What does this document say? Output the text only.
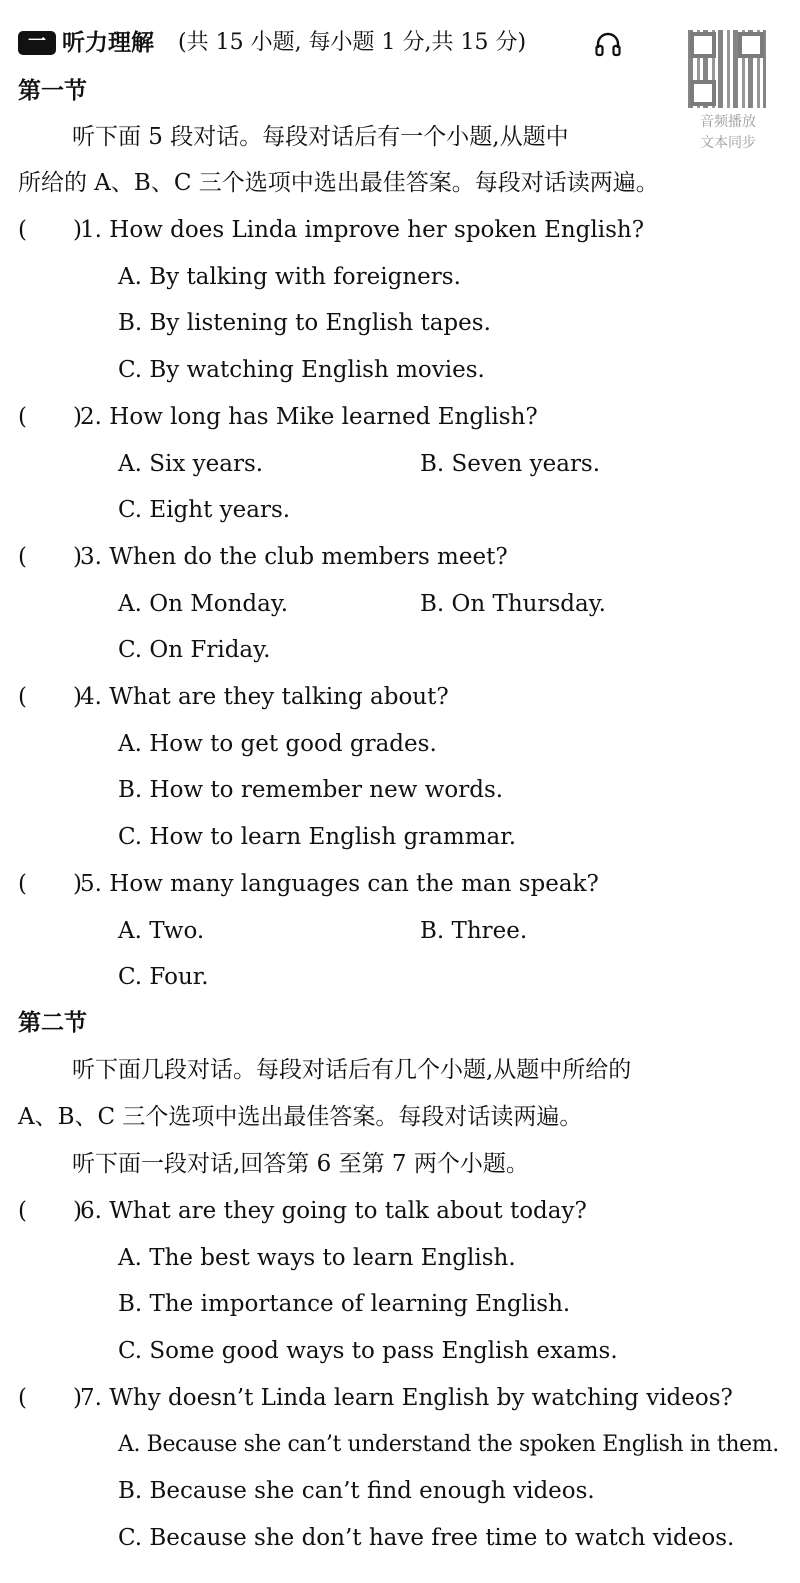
一 听力理解 (共 15 小题, 每小题 1 分,共 15 分)
音频播放
文本同步
第一节
听下面 5 段对话。每段对话后有一个小题,从题中
所给的 A、B、C 三个选项中选出最佳答案。每段对话读两遍。
(　　)
1. How does Linda improve her spoken English?
A. By talking with foreigners.
B. By listening to English tapes.
C. By watching English movies.
(　　)
2. How long has Mike learned English?
A. Six years.	B. Seven years.
C. Eight years.
(　　)
3. When do the club members meet?
A. On Monday.	B. On Thursday.
C. On Friday.
(　　)
4. What are they talking about?
A. How to get good grades.
B. How to remember new words.
C. How to learn English grammar.
(　　)
5. How many languages can the man speak?
A. Two.	B. Three.
C. Four.
第二节
听下面几段对话。每段对话后有几个小题,从题中所给的
A、B、C 三个选项中选出最佳答案。每段对话读两遍。
听下面一段对话,回答第 6 至第 7 两个小题。
(　　)
6. What are they going to talk about today?
A. The best ways to learn English.
B. The importance of learning English.
C. Some good ways to pass English exams.
(　　)
7. Why doesn’t Linda learn English by watching videos?
A. Because she can’t understand the spoken English in them.
B. Because she can’t find enough videos.
C. Because she don’t have free time to watch videos.
